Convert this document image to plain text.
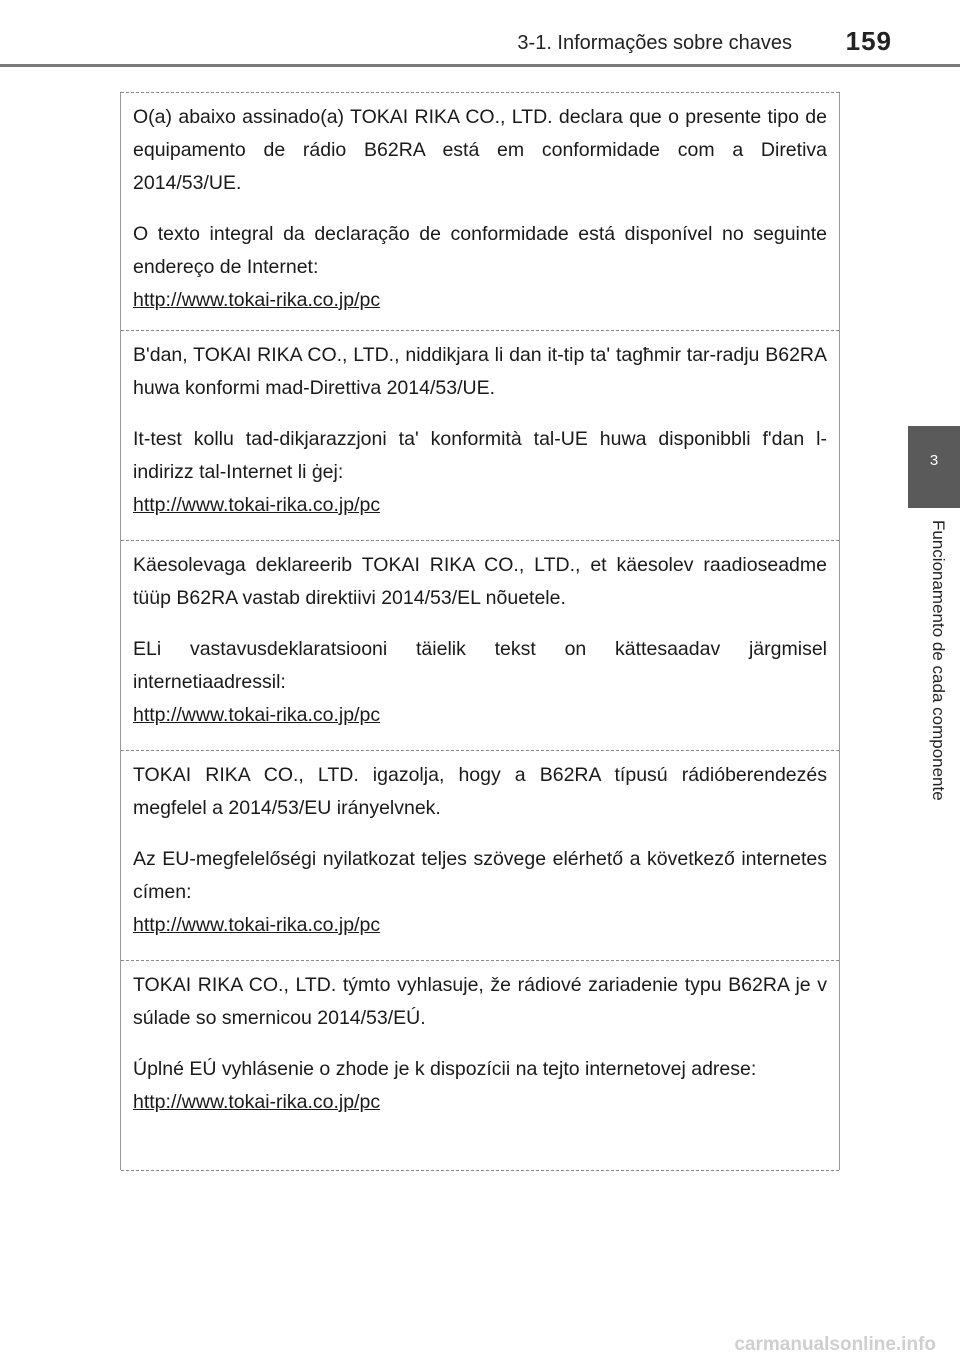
3-1. Informações sobre chaves 159
3
Funcionamento de cada componente

O(a) abaixo assinado(a) TOKAI RIKA CO., LTD. declara que o presente tipo de equipamento de rádio B62RA está em conformidade com a Diretiva 2014/53/UE.

O texto integral da declaração de conformidade está disponível no seguinte endereço de Internet:

http://www.tokai-rika.co.jp/pc

B'dan, TOKAI RIKA CO., LTD., niddikjara li dan it-tip ta' tagħmir tar-radju B62RA huwa konformi mad-Direttiva 2014/53/UE.

It-test kollu tad-dikjarazzjoni ta' konformità tal-UE huwa disponibbli f'dan l-indirizz tal-Internet li ġej:

http://www.tokai-rika.co.jp/pc

Käesolevaga deklareerib TOKAI RIKA CO., LTD., et käesolev raadioseadme tüüp B62RA vastab direktiivi 2014/53/EL nõuetele.

ELi vastavusdeklaratsiooni täielik tekst on kättesaadav järgmisel internetiaadressil:

http://www.tokai-rika.co.jp/pc

TOKAI RIKA CO., LTD. igazolja, hogy a B62RA típusú rádióberendezés megfelel a 2014/53/EU irányelvnek.

Az EU-megfelelőségi nyilatkozat teljes szövege elérhető a következő internetes címen:

http://www.tokai-rika.co.jp/pc

TOKAI RIKA CO., LTD. týmto vyhlasuje, že rádiové zariadenie typu B62RA je v súlade so smernicou 2014/53/EÚ.

Úplné EÚ vyhlásenie o zhode je k dispozícii na tejto internetovej adrese:

http://www.tokai-rika.co.jp/pc
carmanualsonline.info
